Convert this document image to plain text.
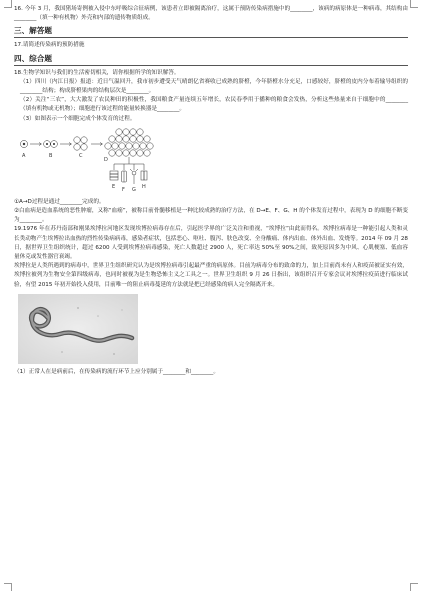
16. 今年 3 月，我国猪场寄例被入侵中东呼吸综合征病例，该患者立即被隔离治疗，这属于预防传染病措施中的________，该病的病原体是一种病毒，其结构由________（填一种有机物）外壳和内部的遗传物质组成。

三、解答题

17.请简述传染病的预防措施

四、综合题

18.生物学知识与我们的生活密切相关，请你根据所学的知识解答。

（1）四川（内江日报）报道：近日气温回升，我市初步遭受天气晴朗亿省赛收已成熟的脐橙，今年脐橙水分充足，口感较好，脐橙的皮内分布着输导组织的________结构；构成脐橙果肉的结构层次是________。

（2）关注“三农”，大大激发了农民种田的积极性，我国粮食产量连续五年增长，农民春季用于播种的粮食会发热，分析这些热量来自于细胞中的________（填有机物或无机物）；细胞进行该过程的能量转换器是________。

（3）如图表示一个细胞完成个体发育的过程。

A	B	C
D
E F G H

①A→D过程是通过________完成的。

②白血病是造血系统的恶性肿瘤，又称“血癌”，被称目前骨髓移植是一种比较成熟的治疗方法，在 D→E、F、G、H 的个体发育过程中，表现为 D 的细胞不断变为________。

19.1976 年在苏丹南部和刚果埃博拉河地区发现埃博拉病毒存在后，引起医学界的广泛关注和重视，“埃博拉”由此而得名。埃博拉病毒是一种能引起人类和灵长类动物产生埃博拉出血热的烈性传染病病毒，感染者症状，包括恶心、呕吐、腹泻、肤色改变、全身酸痛、体内出血、体外出血、发烧等。2014 年 09 月 28 日，据世界卫生组织统计，超过 6200 人受到埃博拉病毒感染，死亡人数超过 2900 人，死亡率达 50%至 90%之间，致死原因多为中风、心肌梗塞、低血容量休克或发性器官衰竭。

埃博拉是人类所遇到的病毒中，世界卫生组织研究认为是埃博拉病毒引起最严重的病原体。目前为病毒分布的致命的力，加上目前尚未有人和疫苗被证实有效，埃博拉被列为生物安全第四级病毒，也同时被视为是生物恐怖主义之工具之一。世界卫生组织 9 月 26 日指出，该组织召开专家会议对埃博拉疫苗进行临床试验，有望 2015 年初开始投入使用，目前唯一的阻止病毒蔓延的方法就是把已经感染的病人完全隔离开来。

（1）正常人在是病前后，在传染病的流行环节上应分别属于________和________。
